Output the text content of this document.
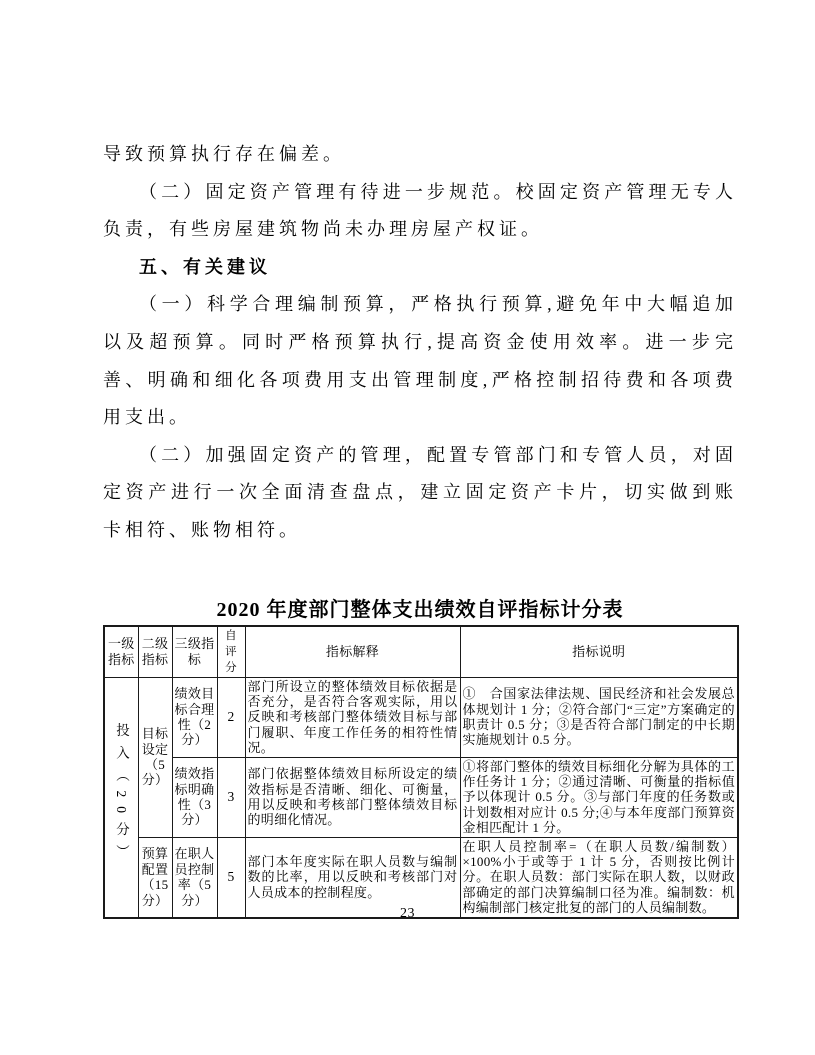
导致预算执行存在偏差。

（二）固定资产管理有待进一步规范。校固定资产管理无专人负责，有些房屋建筑物尚未办理房屋产权证。

五、有关建议

（一）科学合理编制预算，严格执行预算,避免年中大幅追加以及超预算。同时严格预算执行,提高资金使用效率。进一步完善、明确和细化各项费用支出管理制度,严格控制招待费和各项费用支出。

（二）加强固定资产的管理，配置专管部门和专管人员，对固定资产进行一次全面清查盘点，建立固定资产卡片，切实做到账卡相符、账物相符。

2020 年度部门整体支出绩效自评指标计分表
一级指标	二级指标	三级指标	自评分	指标解释	指标说明
投入（20分）	目标设定（5分）	绩效目标合理性（2分）	2	部门所设立的整体绩效目标依据是否充分，是否符合客观实际，用以反映和考核部门整体绩效目标与部门履职、年度工作任务的相符性情况。	①　合国家法律法规、国民经济和社会发展总体规划计 1 分；②符合部门“三定”方案确定的职责计 0.5 分；③是否符合部门制定的中长期实施规划计 0.5 分。
		绩效指标明确性（3分）	3	部门依据整体绩效目标所设定的绩效指标是否清晰、细化、可衡量，用以反映和考核部门整体绩效目标的明细化情况。	①将部门整体的绩效目标细化分解为具体的工作任务计 1 分；②通过清晰、可衡量的指标值予以体现计 0.5 分。③与部门年度的任务数或计划数相对应计 0.5 分;④与本年度部门预算资金相匹配计 1 分。
	预算配置（15分）	在职人员控制率（5分）	5	部门本年度实际在职人员数与编制数的比率，用以反映和考核部门对人员成本的控制程度。	在职人员控制率=（在职人员数/编制数）×100%小于或等于 1 计 5 分，否则按比例计分。在职人员数：部门实际在职人数，以财政部确定的部门决算编制口径为准。编制数：机构编制部门核定批复的部门的人员编制数。
23
